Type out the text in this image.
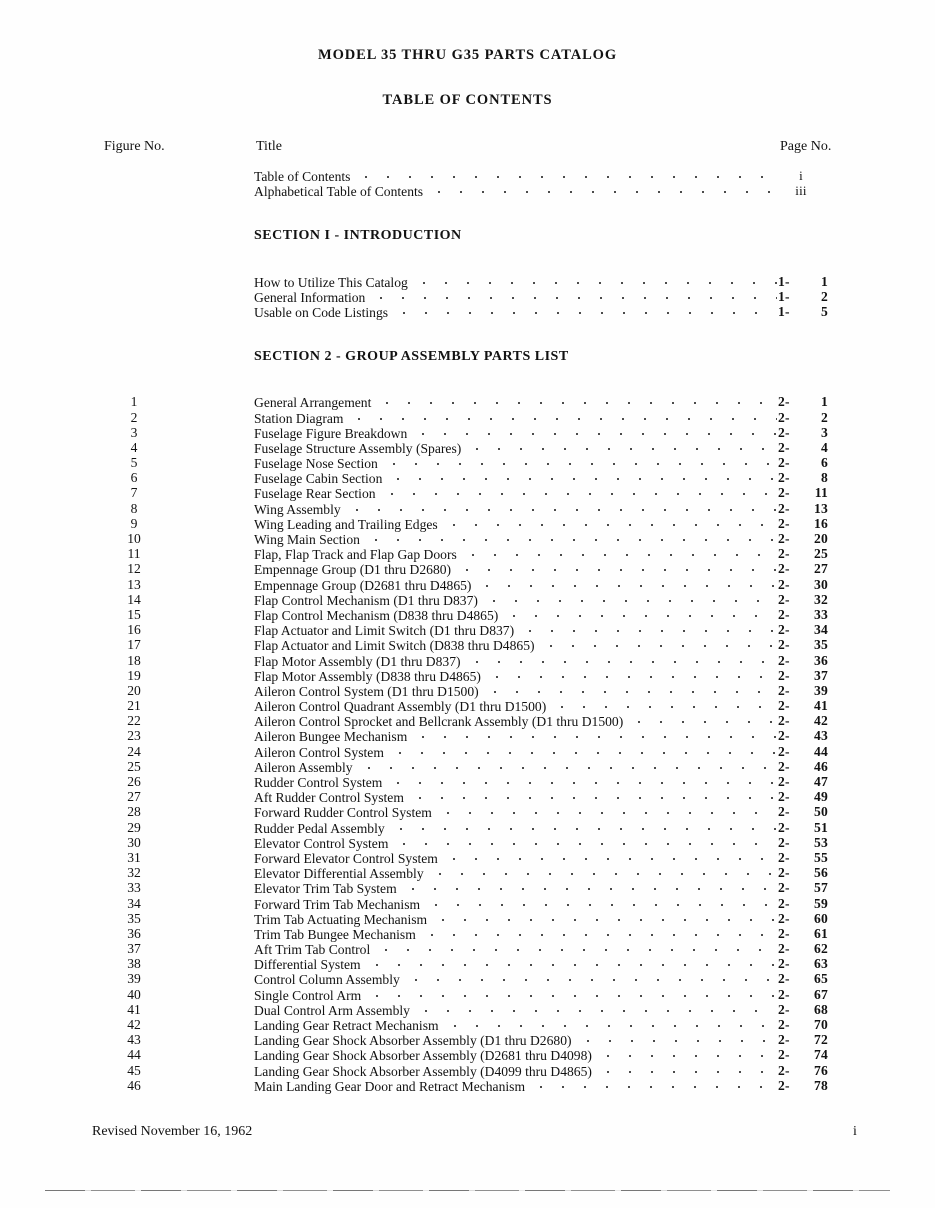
MODEL 35 THRU G35 PARTS CATALOG
TABLE OF CONTENTS
Figure No.	Title	Page No.
Table of Contents	i
Alphabetical Table of Contents	iii
SECTION I - INTRODUCTION
How to Utilize This Catalog	1- 1
General Information	1- 2
Usable on Code Listings	1- 5
SECTION 2 - GROUP ASSEMBLY PARTS LIST
1	General Arrangement	2- 1
2	Station Diagram	2- 2
3	Fuselage Figure Breakdown	2- 3
4	Fuselage Structure Assembly (Spares)	2- 4
5	Fuselage Nose Section	2- 6
6	Fuselage Cabin Section	2- 8
7	Fuselage Rear Section	2- 11
8	Wing Assembly	2- 13
9	Wing Leading and Trailing Edges	2- 16
10	Wing Main Section	2- 20
11	Flap, Flap Track and Flap Gap Doors	2- 25
12	Empennage Group (D1 thru D2680)	2- 27
13	Empennage Group (D2681 thru D4865)	2- 30
14	Flap Control Mechanism (D1 thru D837)	2- 32
15	Flap Control Mechanism (D838 thru D4865)	2- 33
16	Flap Actuator and Limit Switch (D1 thru D837)	2- 34
17	Flap Actuator and Limit Switch (D838 thru D4865)	2- 35
18	Flap Motor Assembly (D1 thru D837)	2- 36
19	Flap Motor Assembly (D838 thru D4865)	2- 37
20	Aileron Control System (D1 thru D1500)	2- 39
21	Aileron Control Quadrant Assembly (D1 thru D1500)	2- 41
22	Aileron Control Sprocket and Bellcrank Assembly (D1 thru D1500)	2- 42
23	Aileron Bungee Mechanism	2- 43
24	Aileron Control System	2- 44
25	Aileron Assembly	2- 46
26	Rudder Control System	2- 47
27	Aft Rudder Control System	2- 49
28	Forward Rudder Control System	2- 50
29	Rudder Pedal Assembly	2- 51
30	Elevator Control System	2- 53
31	Forward Elevator Control System	2- 55
32	Elevator Differential Assembly	2- 56
33	Elevator Trim Tab System	2- 57
34	Forward Trim Tab Mechanism	2- 59
35	Trim Tab Actuating Mechanism	2- 60
36	Trim Tab Bungee Mechanism	2- 61
37	Aft Trim Tab Control	2- 62
38	Differential System	2- 63
39	Control Column Assembly	2- 65
40	Single Control Arm	2- 67
41	Dual Control Arm Assembly	2- 68
42	Landing Gear Retract Mechanism	2- 70
43	Landing Gear Shock Absorber Assembly (D1 thru D2680)	2- 72
44	Landing Gear Shock Absorber Assembly (D2681 thru D4098)	2- 74
45	Landing Gear Shock Absorber Assembly (D4099 thru D4865)	2- 76
46	Main Landing Gear Door and Retract Mechanism	2- 78
Revised November 16, 1962	i
